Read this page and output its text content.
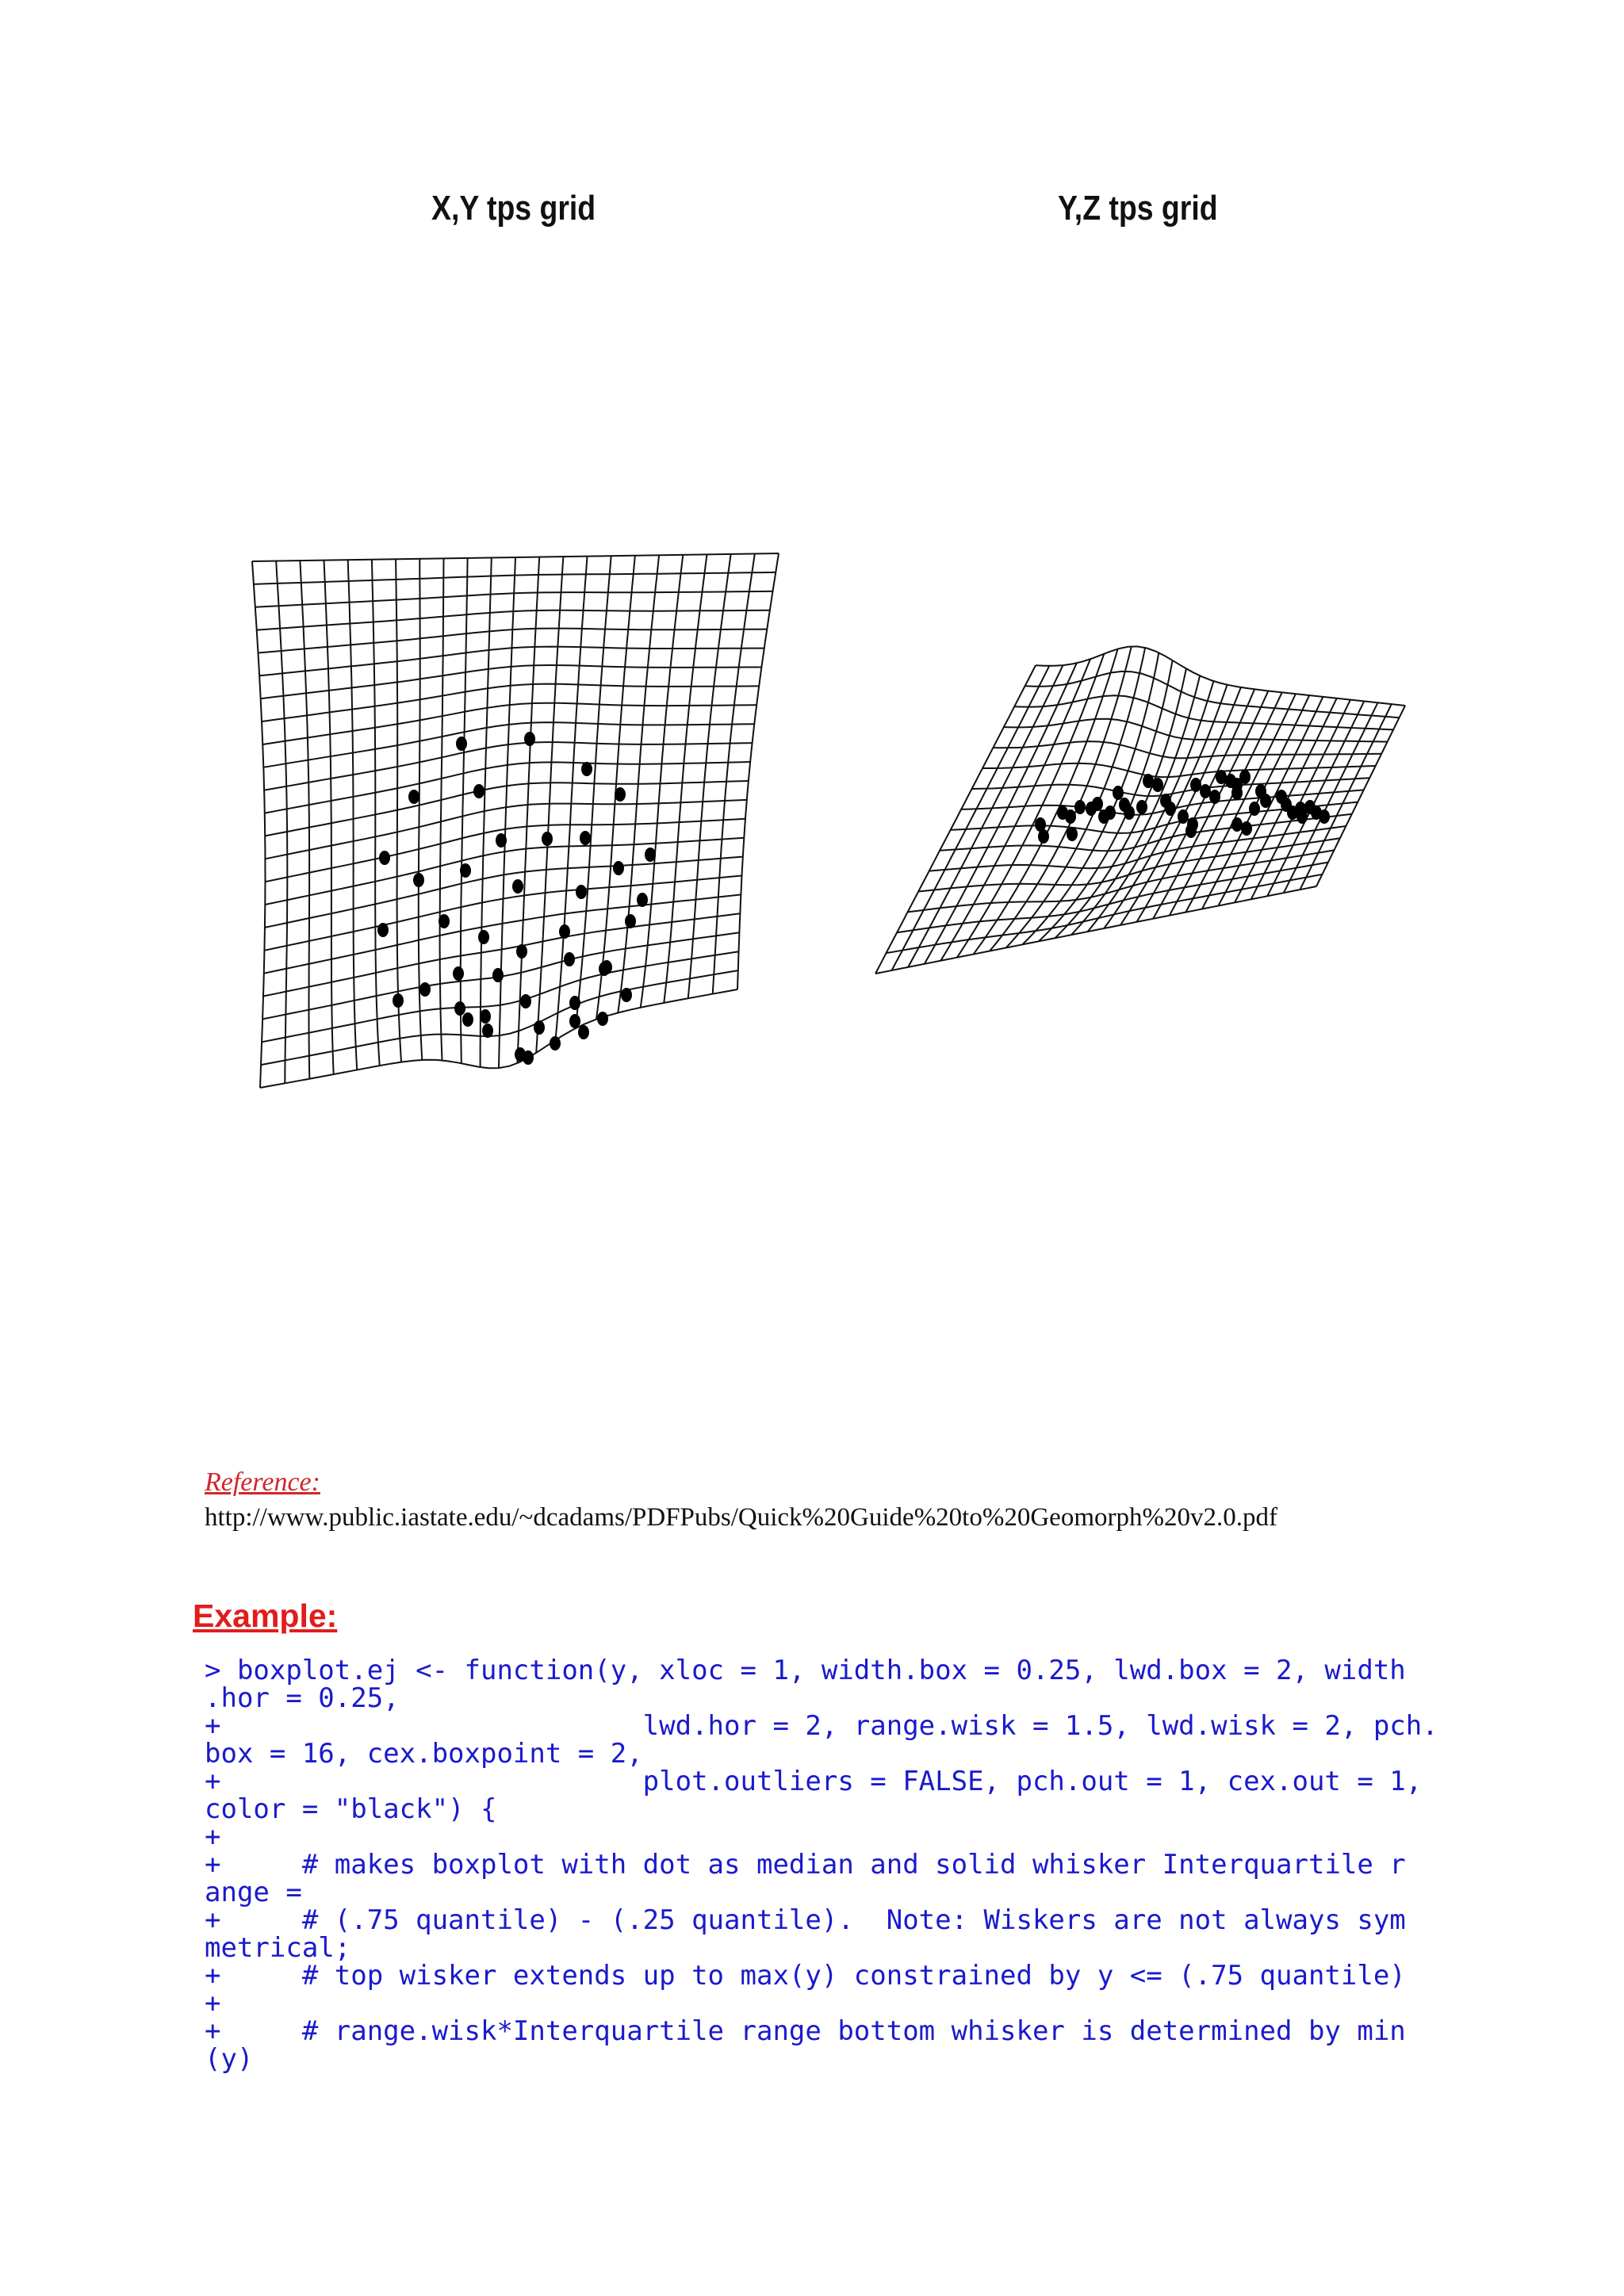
X,Y tps grid	Y,Z tps grid
Reference:
http://www.public.iastate.edu/~dcadams/PDFPubs/Quick%20Guide%20to%20Geomorph%20v2.0.pdf
Example:
> boxplot.ej <- function(y, xloc = 1, width.box = 0.25, lwd.box = 2, width
.hor = 0.25,
+                          lwd.hor = 2, range.wisk = 1.5, lwd.wisk = 2, pch.
box = 16, cex.boxpoint = 2,
+                          plot.outliers = FALSE, pch.out = 1, cex.out = 1,
color = "black") {
+
+     # makes boxplot with dot as median and solid whisker Interquartile r
ange =
+     # (.75 quantile) - (.25 quantile).  Note: Wiskers are not always sym
metrical;
+     # top wisker extends up to max(y) constrained by y <= (.75 quantile)
+
+     # range.wisk*Interquartile range bottom whisker is determined by min
(y)
